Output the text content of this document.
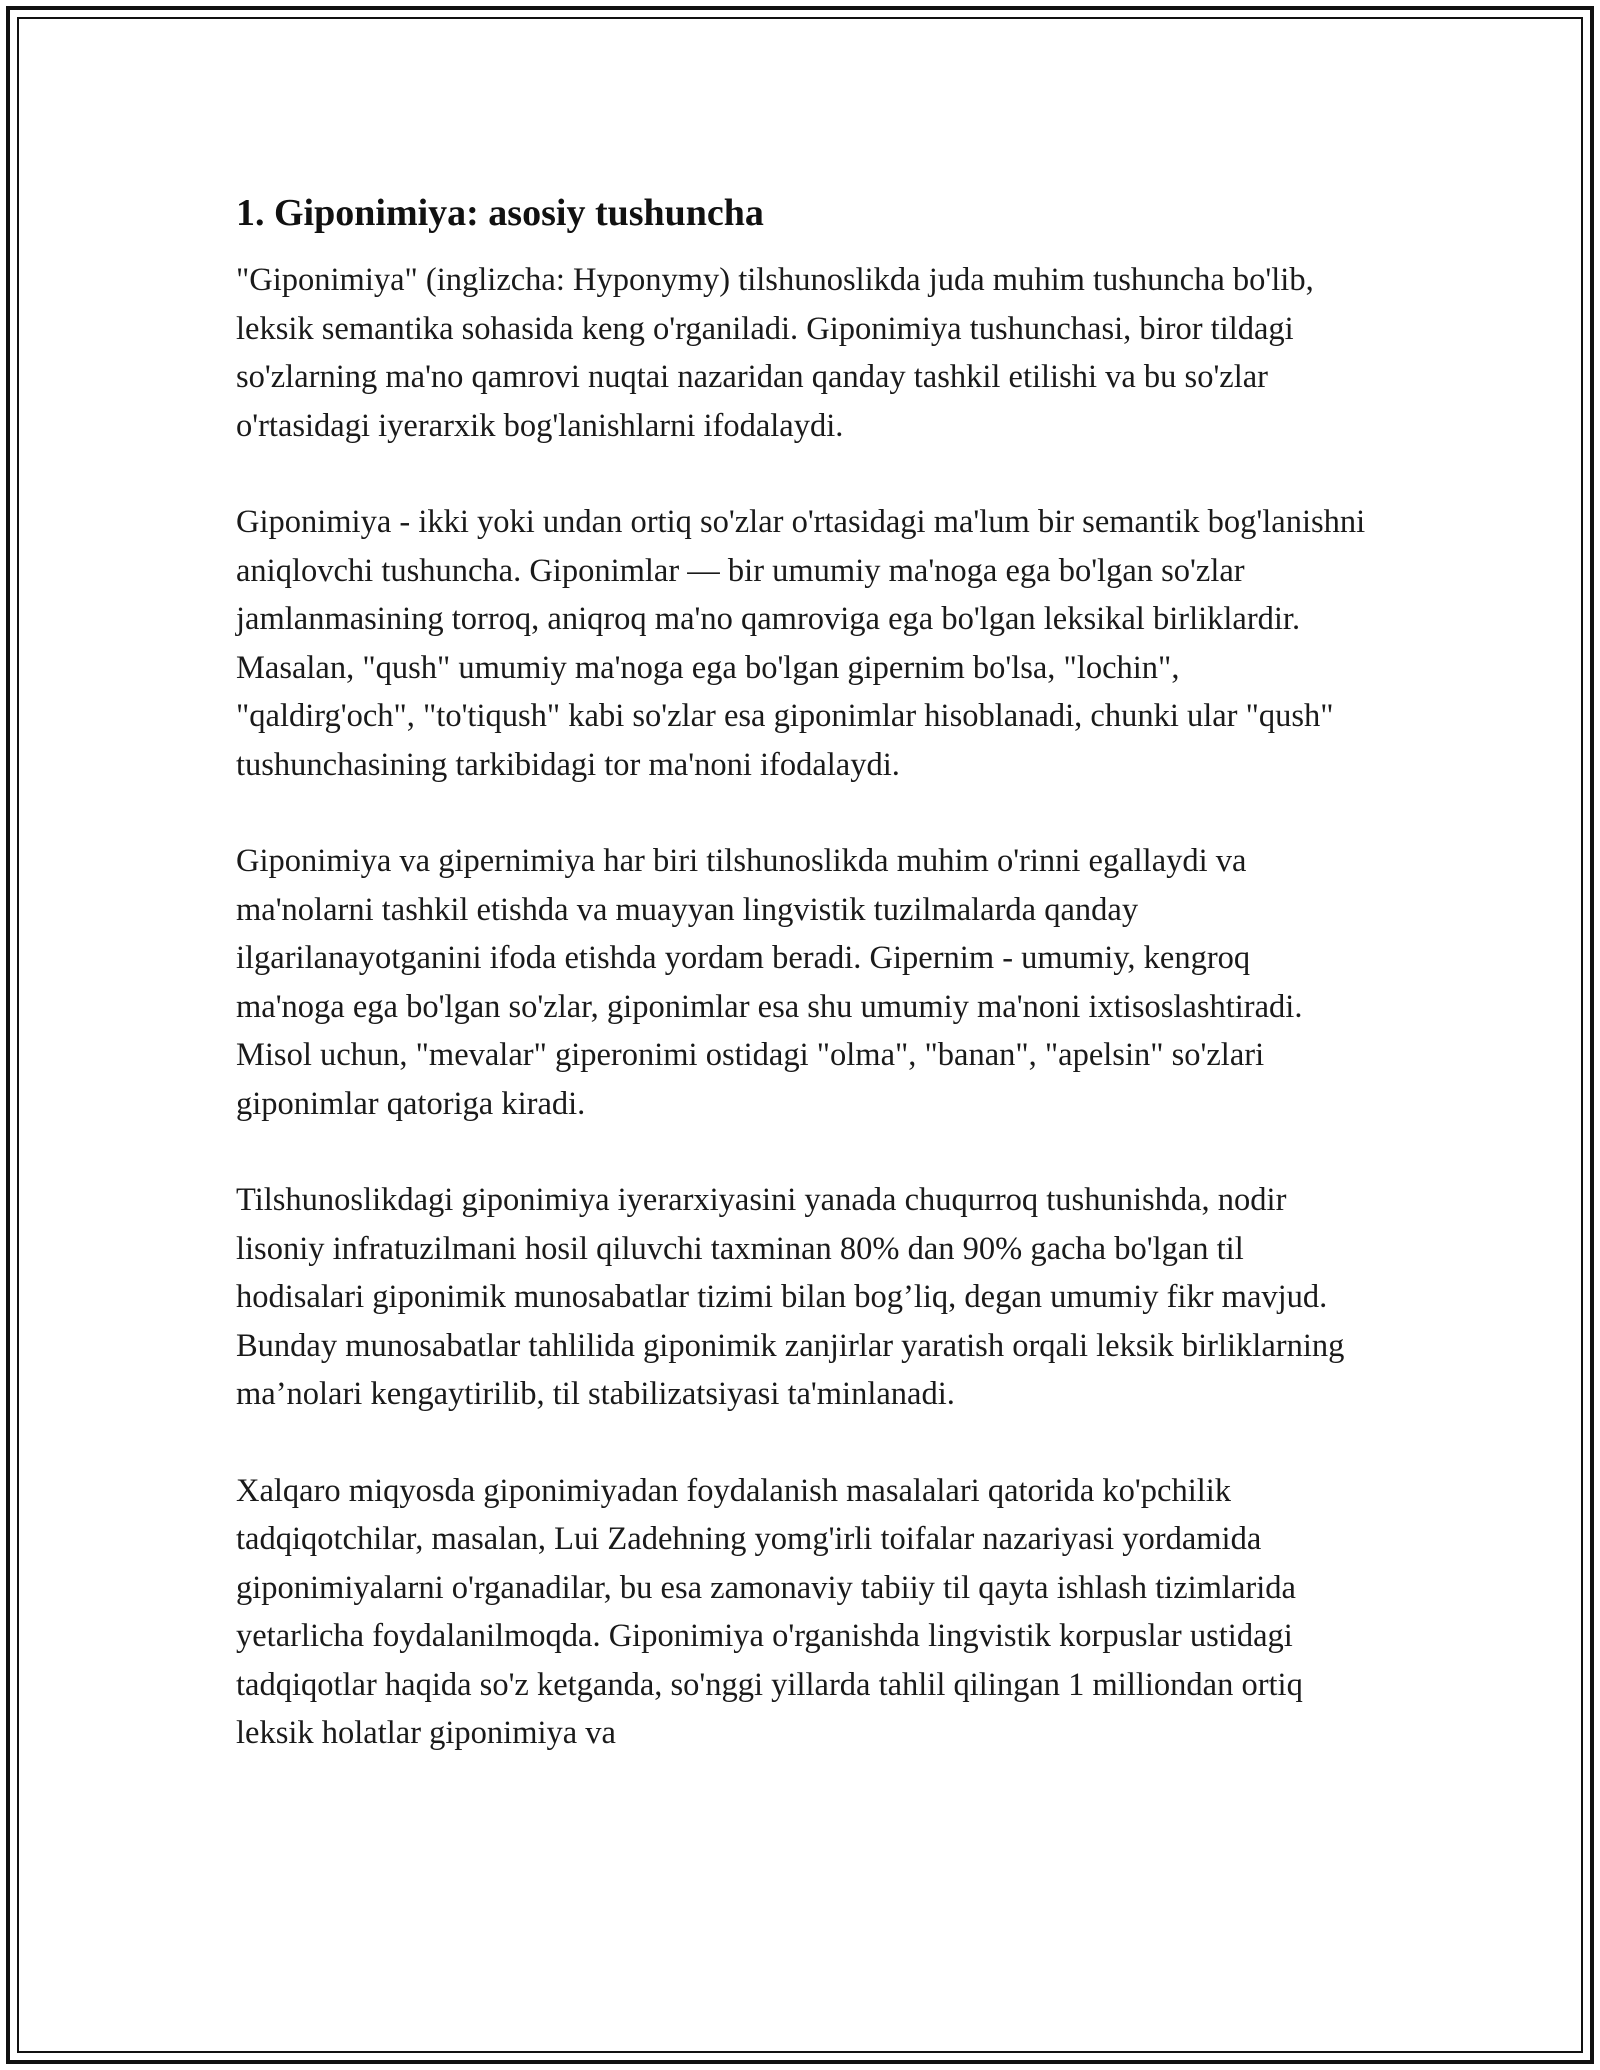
1. Giponimiya: asosiy tushuncha

"Giponimiya" (inglizcha: Hyponymy) tilshunoslikda juda muhim tushuncha bo'lib, leksik semantika sohasida keng o'rganiladi. Giponimiya tushunchasi, biror tildagi so'zlarning ma'no qamrovi nuqtai nazaridan qanday tashkil etilishi va bu so'zlar o'rtasidagi iyerarxik bog'lanishlarni ifodalaydi.

Giponimiya - ikki yoki undan ortiq so'zlar o'rtasidagi ma'lum bir semantik bog'lanishni aniqlovchi tushuncha. Giponimlar — bir umumiy ma'noga ega bo'lgan so'zlar jamlanmasining torroq, aniqroq ma'no qamroviga ega bo'lgan leksikal birliklardir. Masalan, "qush" umumiy ma'noga ega bo'lgan gipernim bo'lsa, "lochin", "qaldirg'och", "to'tiqush" kabi so'zlar esa giponimlar hisoblanadi, chunki ular "qush" tushunchasining tarkibidagi tor ma'noni ifodalaydi.

Giponimiya va gipernimiya har biri tilshunoslikda muhim o'rinni egallaydi va ma'nolarni tashkil etishda va muayyan lingvistik tuzilmalarda qanday ilgarilanayotganini ifoda etishda yordam beradi. Gipernim - umumiy, kengroq ma'noga ega bo'lgan so'zlar, giponimlar esa shu umumiy ma'noni ixtisoslashtiradi. Misol uchun, "mevalar" giperonimi ostidagi "olma", "banan", "apelsin" so'zlari giponimlar qatoriga kiradi.

Tilshunoslikdagi giponimiya iyerarxiyasini yanada chuqurroq tushunishda, nodir lisoniy infratuzilmani hosil qiluvchi taxminan 80% dan 90% gacha bo'lgan til hodisalari giponimik munosabatlar tizimi bilan bog’liq, degan umumiy fikr mavjud. Bunday munosabatlar tahlilida giponimik zanjirlar yaratish orqali leksik birliklarning ma’nolari kengaytirilib, til stabilizatsiyasi ta'minlanadi.

Xalqaro miqyosda giponimiyadan foydalanish masalalari qatorida ko'pchilik tadqiqotchilar, masalan, Lui Zadehning yomg'irli toifalar nazariyasi yordamida giponimiyalarni o'rganadilar, bu esa zamonaviy tabiiy til qayta ishlash tizimlarida yetarlicha foydalanilmoqda. Giponimiya o'rganishda lingvistik korpuslar ustidagi tadqiqotlar haqida so'z ketganda, so'nggi yillarda tahlil qilingan 1 milliondan ortiq leksik holatlar giponimiya va
